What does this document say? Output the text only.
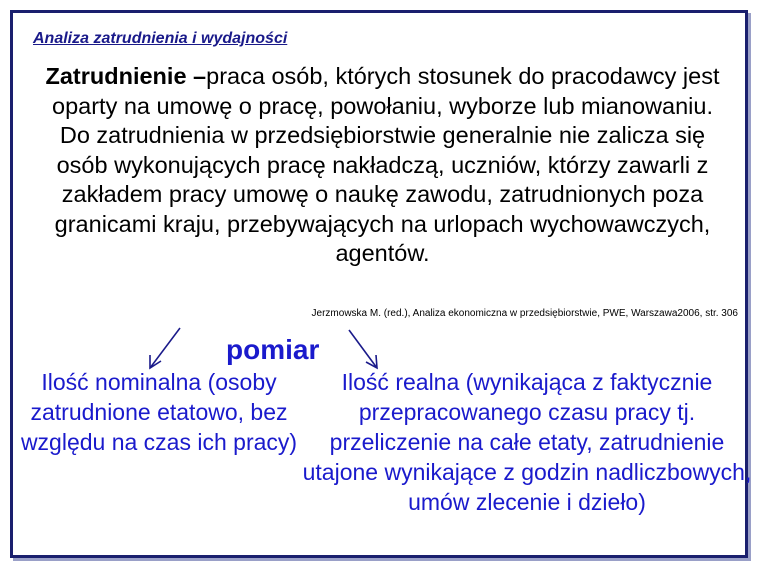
Analiza zatrudnienia i wydajności
Zatrudnienie –praca osób, których stosunek do pracodawcy jest oparty na umowę o pracę, powołaniu, wyborze lub mianowaniu. Do zatrudnienia w przedsiębiorstwie generalnie nie zalicza się osób wykonujących pracę nakładczą, uczniów, którzy zawarli z zakładem pracy umowę o naukę zawodu, zatrudnionych poza granicami kraju, przebywających na urlopach wychowawczych, agentów.
Jerzmowska M. (red.), Analiza ekonomiczna w przedsiębiorstwie, PWE, Warszawa2006, str. 306
pomiar
Ilość nominalna (osoby zatrudnione etatowo, bez względu na czas ich pracy)
Ilość realna (wynikająca z faktycznie przepracowanego czasu pracy tj. przeliczenie na całe etaty, zatrudnienie utajone wynikające z godzin nadliczbowych, umów zlecenie i dzieło)
